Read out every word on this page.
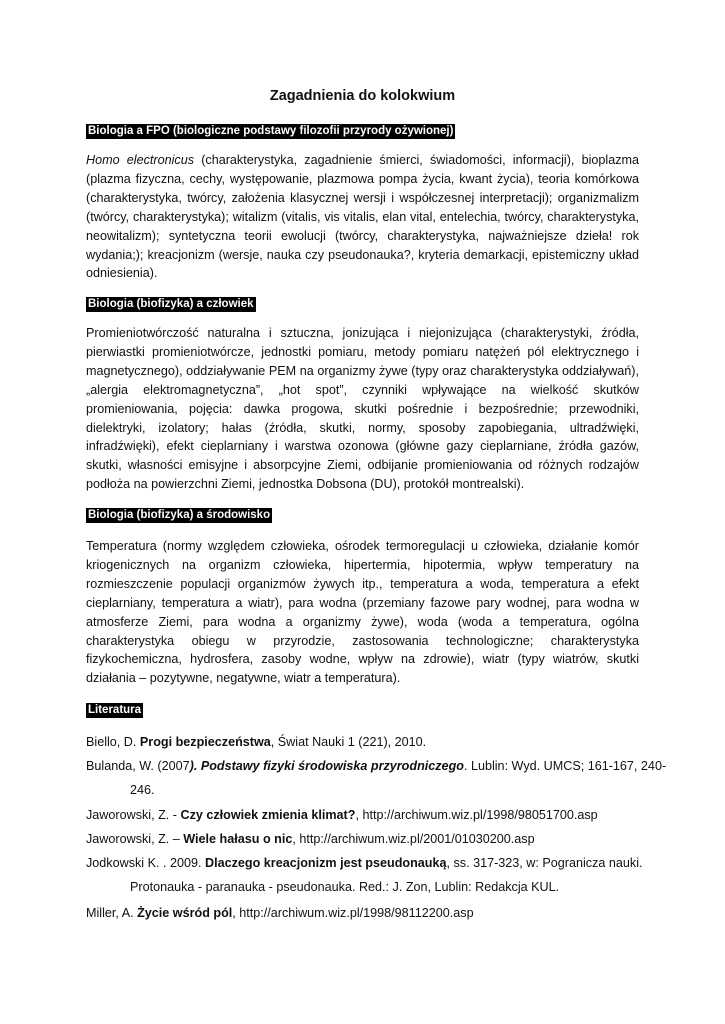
Zagadnienia do kolokwium
Biologia a FPO (biologiczne podstawy filozofii przyrody ożywionej)

Homo electronicus (charakterystyka, zagadnienie śmierci, świadomości, informacji), bioplazma (plazma fizyczna, cechy, występowanie, plazmowa pompa życia, kwant życia), teoria komórkowa (charakterystyka, twórcy, założenia klasycznej wersji i współczesnej interpretacji); organizmalizm (twórcy, charakterystyka); witalizm (vitalis, vis vitalis, elan vital, entelechia, twórcy, charakterystyka, neowitalizm); syntetyczna teorii ewolucji (twórcy, charakterystyka, najważniejsze dzieła! rok wydania;); kreacjonizm (wersje, nauka czy pseudonauka?, kryteria demarkacji, epistemiczny układ odniesienia).

Biologia (biofizyka) a człowiek

Promieniotwórczość naturalna i sztuczna, jonizująca i niejonizująca (charakterystyki, źródła, pierwiastki promieniotwórcze, jednostki pomiaru, metody pomiaru natężeń pól elektrycznego i magnetycznego), oddziaływanie PEM na organizmy żywe (typy oraz charakterystyka oddziaływań), „alergia elektromagnetyczna”, „hot spot”, czynniki wpływające na wielkość skutków promieniowania, pojęcia: dawka progowa, skutki pośrednie i bezpośrednie; przewodniki, dielektryki, izolatory; hałas (źródła, skutki, normy, sposoby zapobiegania, ultradźwięki, infradźwięki), efekt cieplarniany i warstwa ozonowa (główne gazy cieplarniane, źródła gazów, skutki, własności emisyjne i absorpcyjne Ziemi, odbijanie promieniowania od różnych rodzajów podłoża na powierzchni Ziemi, jednostka Dobsona (DU), protokół montrealski).

Biologia (biofizyka) a środowisko

Temperatura (normy względem człowieka, ośrodek termoregulacji u człowieka, działanie komór kriogenicznych na organizm człowieka, hipertermia, hipotermia, wpływ temperatury na rozmieszczenie populacji organizmów żywych itp., temperatura a woda, temperatura a efekt cieplarniany, temperatura a wiatr), para wodna (przemiany fazowe pary wodnej, para wodna w atmosferze Ziemi, para wodna a organizmy żywe), woda (woda a temperatura, ogólna charakterystyka obiegu w przyrodzie, zastosowania technologiczne; charakterystyka fizykochemiczna, hydrosfera, zasoby wodne, wpływ na zdrowie), wiatr (typy wiatrów, skutki działania – pozytywne, negatywne, wiatr a temperatura).

Literatura

Biello, D. Progi bezpieczeństwa, Świat Nauki 1 (221), 2010.

Bulanda, W. (2007). Podstawy fizyki środowiska przyrodniczego. Lublin: Wyd. UMCS; 161-167, 240-

246.

Jaworowski, Z. - Czy człowiek zmienia klimat?, http://archiwum.wiz.pl/1998/98051700.asp

Jaworowski, Z. – Wiele hałasu o nic, http://archiwum.wiz.pl/2001/01030200.asp

Jodkowski K. . 2009. Dlaczego kreacjonizm jest pseudonauką, ss. 317-323, w: Pogranicza nauki.

Protonauka - paranauka - pseudonauka. Red.: J. Zon, Lublin: Redakcja KUL.

Miller, A. Życie wśród pól, http://archiwum.wiz.pl/1998/98112200.asp
